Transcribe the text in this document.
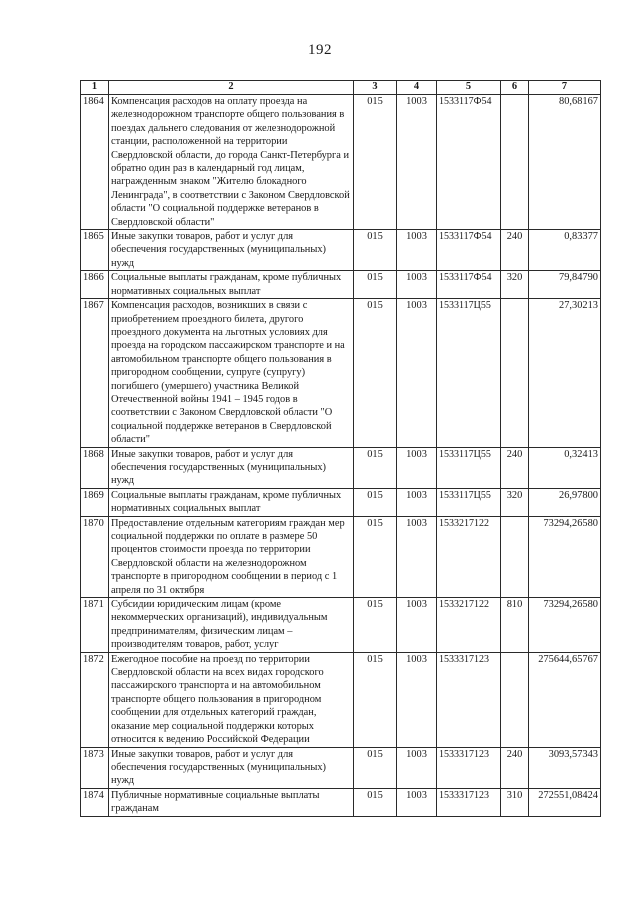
192
1	2	3	4	5	6	7
1864	Компенсация расходов на оплату проезда на железнодорожном транспорте общего пользования в поездах дальнего следования от железнодорожной станции, расположенной на территории Свердловской области, до города Санкт-Петербурга и обратно один раз в календарный год лицам, награжденным знаком "Жителю блокадного Ленинграда", в соответствии с Законом Свердловской области "О социальной поддержке ветеранов в Свердловской области"	015	1003	1533117Ф54		80,68167
1865	Иные закупки товаров, работ и услуг для обеспечения государственных (муниципальных) нужд	015	1003	1533117Ф54	240	0,83377
1866	Социальные выплаты гражданам, кроме публичных нормативных социальных выплат	015	1003	1533117Ф54	320	79,84790
1867	Компенсация расходов, возникших в связи с приобретением проездного билета, другого проездного документа на льготных условиях для проезда на городском пассажирском транспорте и на автомобильном транспорте общего пользования в пригородном сообщении, супруге (супругу) погибшего (умершего) участника Великой Отечественной войны 1941 – 1945 годов в соответствии с Законом Свердловской области "О социальной поддержке ветеранов в Свердловской области"	015	1003	1533117Ц55		27,30213
1868	Иные закупки товаров, работ и услуг для обеспечения государственных (муниципальных) нужд	015	1003	1533117Ц55	240	0,32413
1869	Социальные выплаты гражданам, кроме публичных нормативных социальных выплат	015	1003	1533117Ц55	320	26,97800
1870	Предоставление отдельным категориям граждан мер социальной поддержки по оплате в размере 50 процентов стоимости проезда по территории Свердловской области на железнодорожном транспорте в пригородном сообщении в период с 1 апреля по 31 октября	015	1003	1533217122		73294,26580
1871	Субсидии юридическим лицам (кроме некоммерческих организаций), индивидуальным предпринимателям, физическим лицам – производителям товаров, работ, услуг	015	1003	1533217122	810	73294,26580
1872	Ежегодное пособие на проезд по территории Свердловской области на всех видах городского пассажирского транспорта и на автомобильном транспорте общего пользования в пригородном сообщении для отдельных категорий граждан, оказание мер социальной поддержки которых относится к ведению Российской Федерации	015	1003	1533317123		275644,65767
1873	Иные закупки товаров, работ и услуг для обеспечения государственных (муниципальных) нужд	015	1003	1533317123	240	3093,57343
1874	Публичные нормативные социальные выплаты гражданам	015	1003	1533317123	310	272551,08424
